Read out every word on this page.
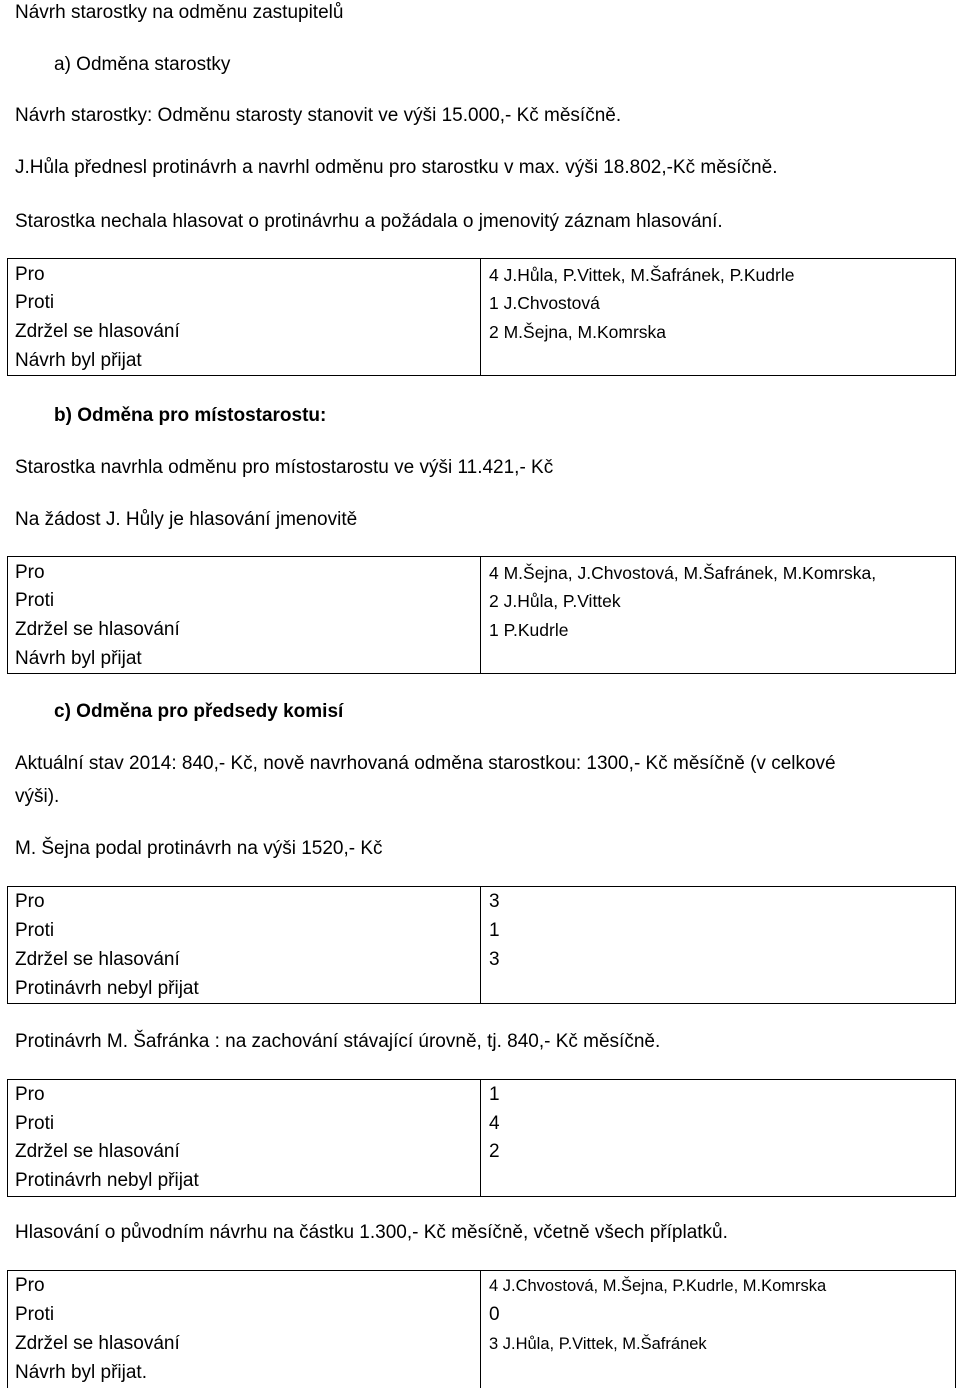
Návrh starostky na odměnu zastupitelů
a) Odměna starostky
Návrh starostky: Odměnu starosty stanovit ve výši 15.000,- Kč měsíčně.
J.Hůla přednesl protinávrh a navrhl odměnu pro starostku v max. výši 18.802,-Kč měsíčně.
Starostka nechala hlasovat o protinávrhu a požádala o jmenovitý záznam hlasování.
Pro
Proti
Zdržel se hlasování
Návrh byl přijat
4 J.Hůla, P.Vittek, M.Šafránek, P.Kudrle
1 J.Chvostová
2 M.Šejna, M.Komrska
b) Odměna pro místostarostu:
Starostka navrhla odměnu pro místostarostu ve výši 11.421,- Kč
Na žádost J. Hůly je hlasování jmenovitě
Pro
Proti
Zdržel se hlasování
Návrh byl přijat
4 M.Šejna, J.Chvostová, M.Šafránek, M.Komrska,
2 J.Hůla, P.Vittek
1 P.Kudrle
c) Odměna pro předsedy komisí
Aktuální stav 2014: 840,- Kč, nově navrhovaná odměna starostkou: 1300,- Kč měsíčně (v celkové
výši).
M. Šejna podal protinávrh na výši 1520,- Kč
Pro
Proti
Zdržel se hlasování
Protinávrh nebyl přijat
3
1
3
Protinávrh M. Šafránka : na zachování stávající úrovně, tj. 840,- Kč měsíčně.
Pro
Proti
Zdržel se hlasování
Protinávrh nebyl přijat
1
4
2
Hlasování o původním návrhu na částku 1.300,- Kč měsíčně, včetně všech příplatků.
Pro
Proti
Zdržel se hlasování
Návrh byl přijat.
4 J.Chvostová, M.Šejna, P.Kudrle, M.Komrska
0
3 J.Hůla, P.Vittek, M.Šafránek
